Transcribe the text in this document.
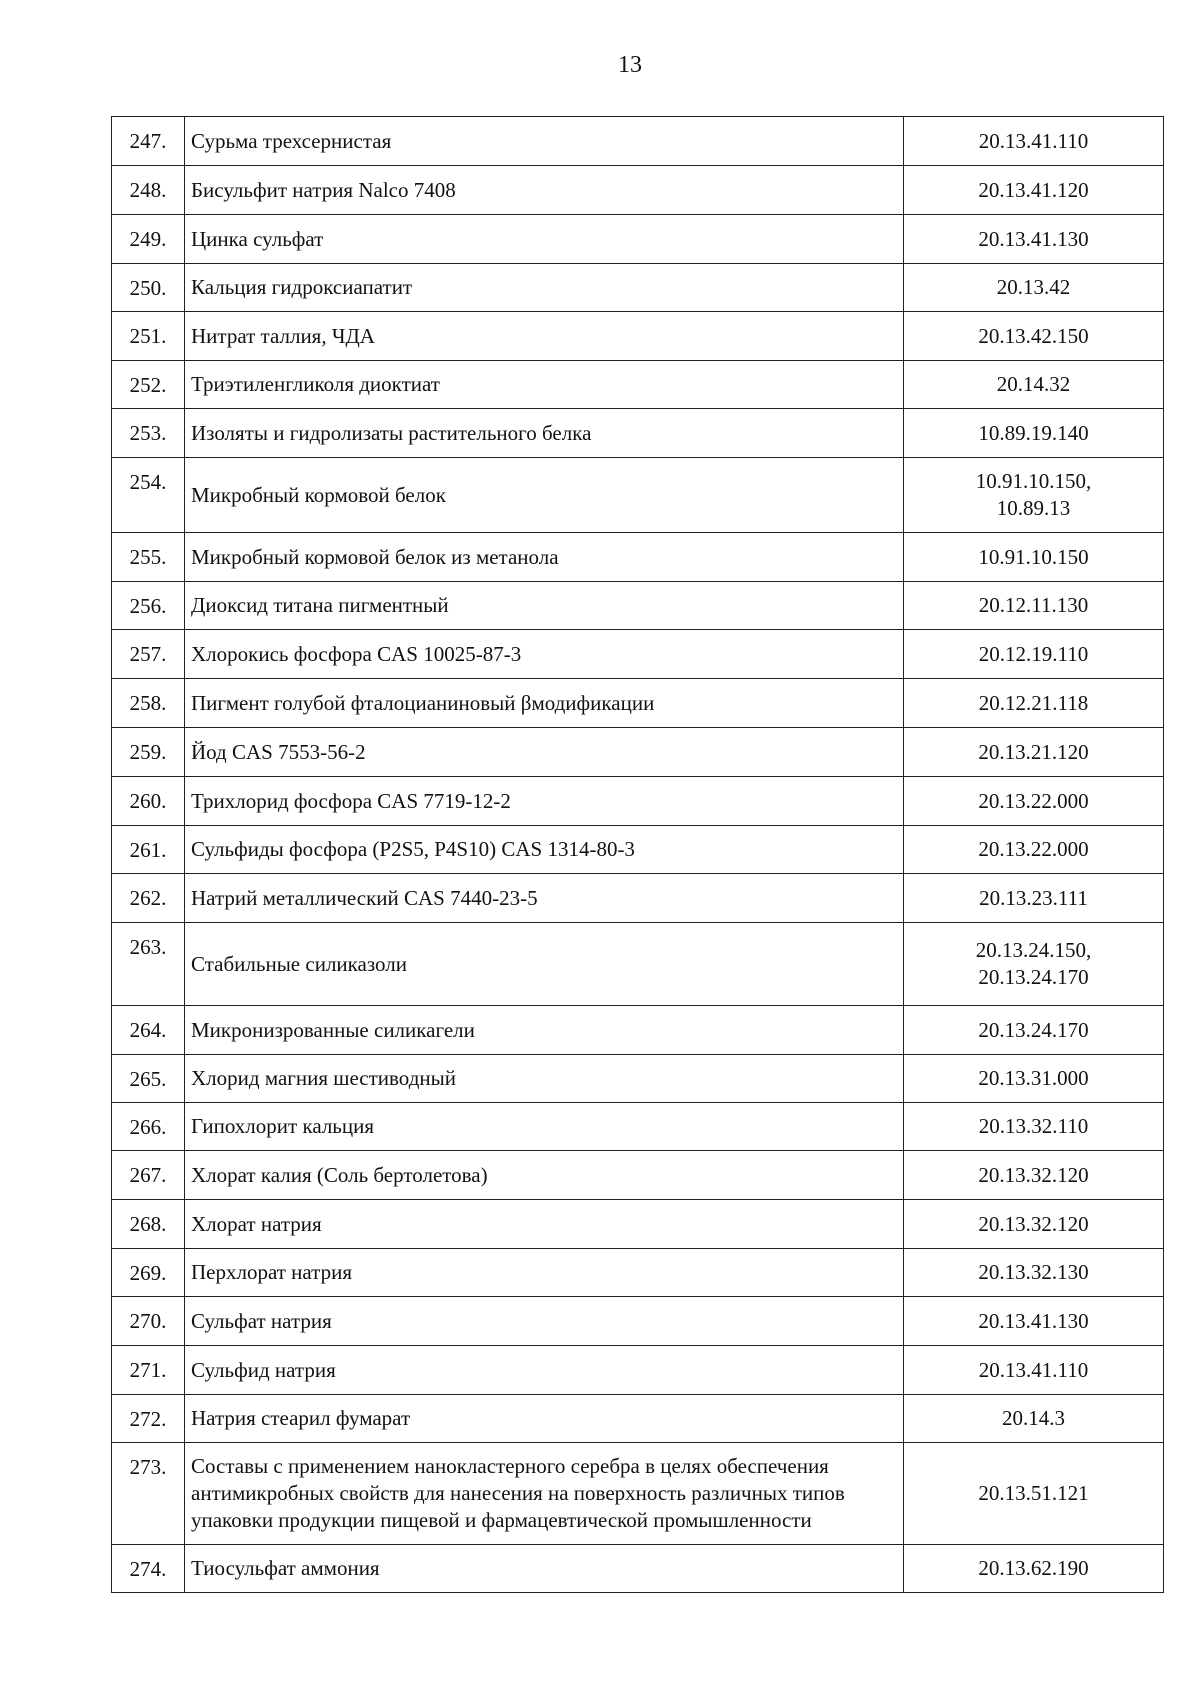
13
247.	Сурьма трехсернистая	20.13.41.110
248.	Бисульфит натрия Nalco 7408	20.13.41.120
249.	Цинка сульфат	20.13.41.130
250.	Кальция гидроксиапатит	20.13.42
251.	Нитрат таллия, ЧДА	20.13.42.150
252.	Триэтиленгликоля диоктиат	20.14.32
253.	Изоляты и гидролизаты растительного белка	10.89.19.140
254.	Микробный кормовой белок	10.91.10.150,
10.89.13
255.	Микробный кормовой белок из метанола	10.91.10.150
256.	Диоксид титана пигментный	20.12.11.130
257.	Хлорокись фосфора CAS 10025-87-3	20.12.19.110
258.	Пигмент голубой фталоцианиновый βмодификации	20.12.21.118
259.	Йод CAS 7553-56-2	20.13.21.120
260.	Трихлорид фосфора CAS 7719-12-2	20.13.22.000
261.	Сульфиды фосфора (P2S5, P4S10) CAS 1314-80-3	20.13.22.000
262.	Натрий металлический CAS 7440-23-5	20.13.23.111
263.	Стабильные силиказоли	20.13.24.150,
20.13.24.170
264.	Микронизрованные силикагели	20.13.24.170
265.	Хлорид магния шестиводный	20.13.31.000
266.	Гипохлорит кальция	20.13.32.110
267.	Хлорат калия (Соль бертолетова)	20.13.32.120
268.	Хлорат натрия	20.13.32.120
269.	Перхлорат натрия	20.13.32.130
270.	Сульфат натрия	20.13.41.130
271.	Сульфид натрия	20.13.41.110
272.	Натрия стеарил фумарат	20.14.3
273.	Составы с применением нанокластерного серебра в целях обеспечения антимикробных свойств для нанесения на поверхность различных типов упаковки продукции пищевой и фармацевтической промышленности	20.13.51.121
274.	Тиосульфат аммония	20.13.62.190
